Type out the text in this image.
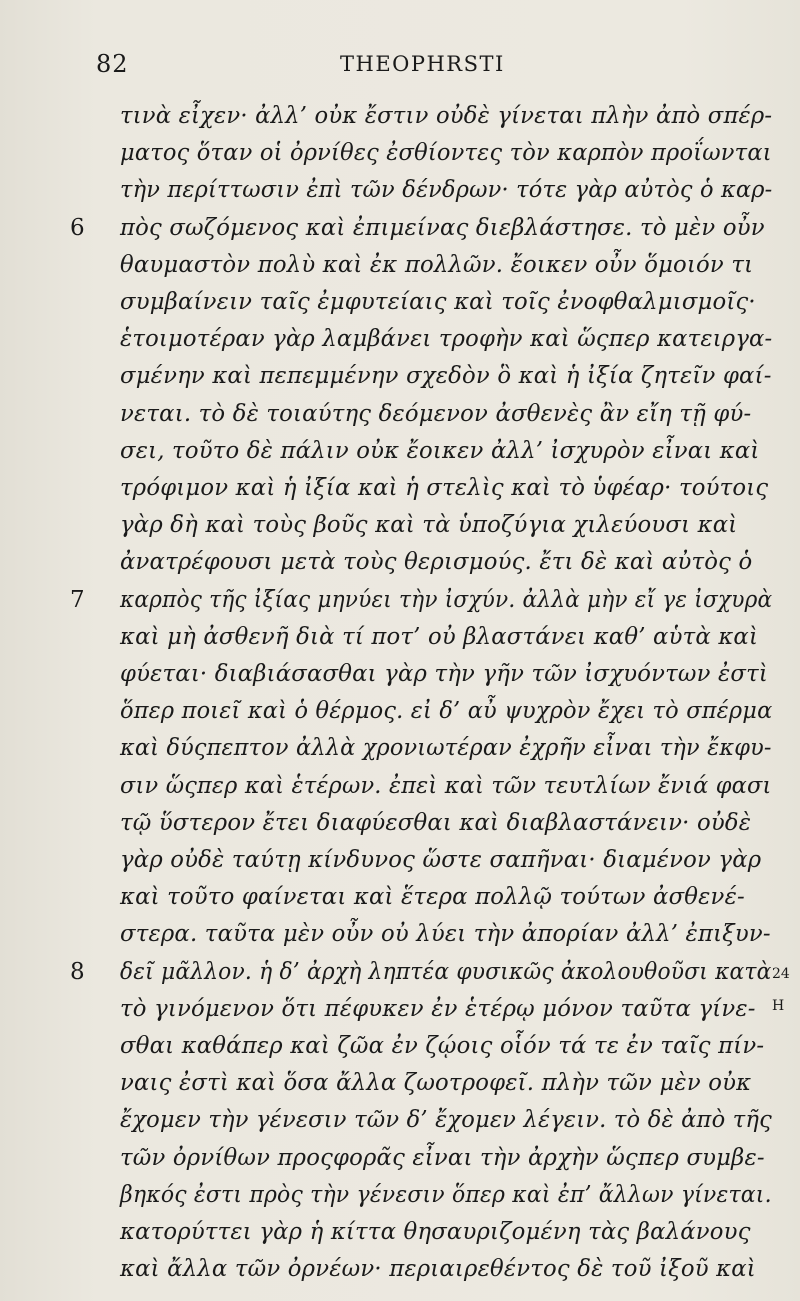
82	THEOPHRSTI
τινὰ εἶχεν· ἀλλ’ οὐκ ἔστιν οὐδὲ γίνεται πλὴν ἀπὸ σπέρ-
ματος ὅταν οἱ ὀρνίθες ἐσθίοντες τὸν καρπὸν προΐωνται
τὴν περίττωσιν ἐπὶ τῶν δένδρων· τότε γὰρ αὐτὸς ὁ καρ-
6 πὸς σωζόμενος καὶ ἐπιμείνας διεβλάστησε. τὸ μὲν οὖν
θαυμαστὸν πολὺ καὶ ἐκ πολλῶν. ἔοικεν οὖν ὅμοιόν τι
συμβαίνειν ταῖς ἐμφυτείαις καὶ τοῖς ἐνοφθαλμισμοῖς·
ἑτοιμοτέραν γὰρ λαμβάνει τροφὴν καὶ ὥςπερ κατειργα-
σμένην καὶ πεπεμμένην σχεδὸν ὃ καὶ ἡ ἰξία ζητεῖν φαί-
νεται. τὸ δὲ τοιαύτης δεόμενον ἀσθενὲς ἂν εἴη τῇ φύ-
σει, τοῦτο δὲ πάλιν οὐκ ἔοικεν ἀλλ’ ἰσχυρὸν εἶναι καὶ
τρόφιμον καὶ ἡ ἰξία καὶ ἡ στελὶς καὶ τὸ ὑφέαρ· τούτοις
γὰρ δὴ καὶ τοὺς βοῦς καὶ τὰ ὑποζύγια χιλεύουσι καὶ
ἀνατρέφουσι μετὰ τοὺς θερισμούς. ἔτι δὲ καὶ αὐτὸς ὁ
7 καρπὸς τῆς ἰξίας μηνύει τὴν ἰσχύν. ἀλλὰ μὴν εἴ γε ἰσχυρὰ
καὶ μὴ ἀσθενῆ διὰ τί ποτ’ οὐ βλαστάνει καθ’ αὑτὰ καὶ
φύεται· διαβιάσασθαι γὰρ τὴν γῆν τῶν ἰσχυόντων ἐστὶ
ὅπερ ποιεῖ καὶ ὁ θέρμος. εἰ δ’ αὖ ψυχρὸν ἔχει τὸ σπέρμα
καὶ δύςπεπτον ἀλλὰ χρονιωτέραν ἐχρῆν εἶναι τὴν ἔκφυ-
σιν ὥςπερ καὶ ἑτέρων. ἐπεὶ καὶ τῶν τευτλίων ἔνιά φασι
τῷ ὕστερον ἔτει διαφύεσθαι καὶ διαβλαστάνειν· οὐδὲ
γὰρ οὐδὲ ταύτῃ κίνδυνος ὥστε σαπῆναι· διαμένον γὰρ
καὶ τοῦτο φαίνεται καὶ ἕτερα πολλῷ τούτων ἀσθενέ-
στερα. ταῦτα μὲν οὖν οὐ λύει τὴν ἀπορίαν ἀλλ’ ἐπιξυν-
8 δεῖ μᾶλλον. ἡ δ’ ἀρχὴ ληπτέα φυσικῶς ἀκολουθοῦσι κατὰ 24 H
τὸ γινόμενον ὅτι πέφυκεν ἐν ἑτέρῳ μόνον ταῦτα γίνε-
σθαι καθάπερ καὶ ζῶα ἐν ζῴοις οἷόν τά τε ἐν ταῖς πίν-
ναις ἐστὶ καὶ ὅσα ἄλλα ζωοτροφεῖ. πλὴν τῶν μὲν οὐκ
ἔχομεν τὴν γένεσιν τῶν δ’ ἔχομεν λέγειν. τὸ δὲ ἀπὸ τῆς
τῶν ὀρνίθων προςφορᾶς εἶναι τὴν ἀρχὴν ὥςπερ συμβε-
βηκός ἐστι πρὸς τὴν γένεσιν ὅπερ καὶ ἐπ’ ἄλλων γίνεται.
κατορύττει γὰρ ἡ κίττα θησαυριζομένη τὰς βαλάνους
καὶ ἄλλα τῶν ὀρνέων· περιαιρεθέντος δὲ τοῦ ἰξοῦ καὶ
